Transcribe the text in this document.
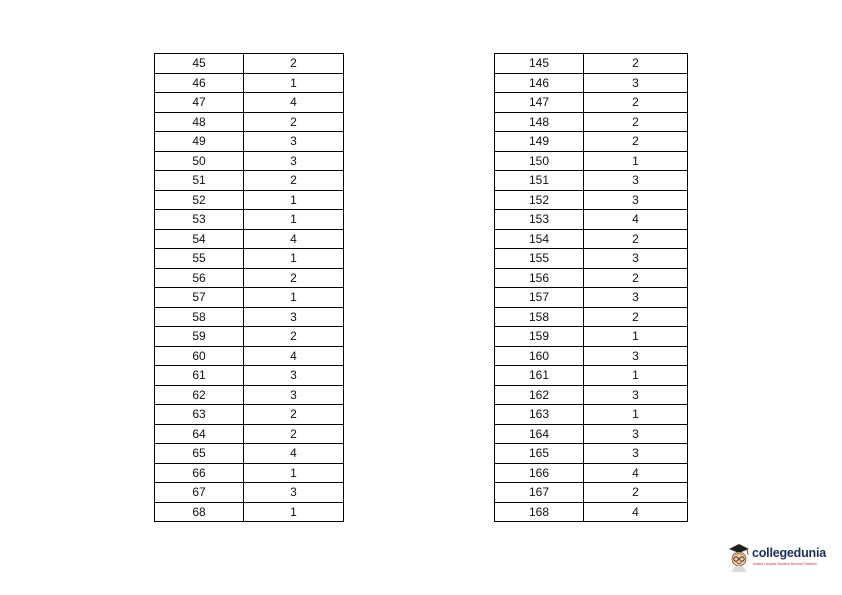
45	2
46	1
47	4
48	2
49	3
50	3
51	2
52	1
53	1
54	4
55	1
56	2
57	1
58	3
59	2
60	4
61	3
62	3
63	2
64	2
65	4
66	1
67	3
68	1
145	2
146	3
147	2
148	2
149	2
150	1
151	3
152	3
153	4
154	2
155	3
156	2
157	3
158	2
159	1
160	3
161	1
162	3
163	1
164	3
165	3
166	4
167	2
168	4
collegedunia
India's Largest Student Review Platform
